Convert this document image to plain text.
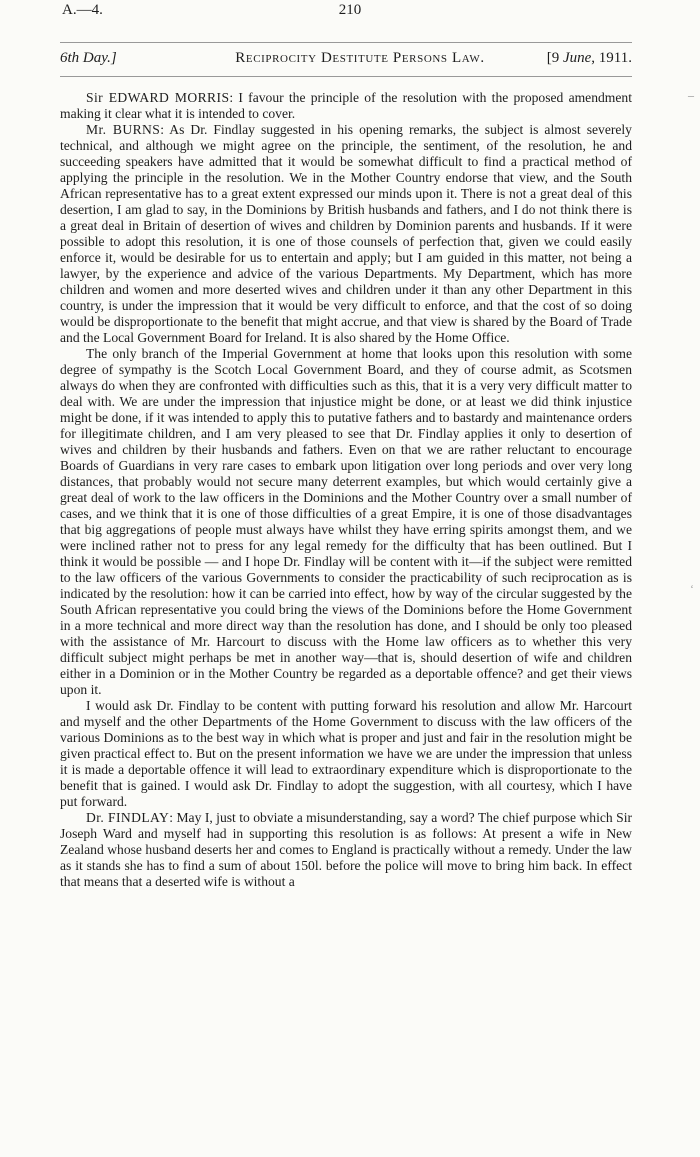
A.—4.	210
6th Day.]	Reciprocity Destitute Persons Law.	[9 June, 1911.

Sir EDWARD MORRIS: I favour the principle of the resolution with the proposed amendment making it clear what it is intended to cover.

Mr. BURNS: As Dr. Findlay suggested in his opening remarks, the subject is almost severely technical, and although we might agree on the principle, the sentiment, of the resolution, he and succeeding speakers have admitted that it would be somewhat difficult to find a practical method of applying the principle in the resolution. We in the Mother Country endorse that view, and the South African representative has to a great extent expressed our minds upon it. There is not a great deal of this desertion, I am glad to say, in the Dominions by British husbands and fathers, and I do not think there is a great deal in Britain of desertion of wives and children by Dominion parents and husbands. If it were possible to adopt this resolution, it is one of those counsels of perfection that, given we could easily enforce it, would be desirable for us to entertain and apply; but I am guided in this matter, not being a lawyer, by the experience and advice of the various Departments. My Department, which has more children and women and more deserted wives and children under it than any other Department in this country, is under the impression that it would be very difficult to enforce, and that the cost of so doing would be disproportionate to the benefit that might accrue, and that view is shared by the Board of Trade and the Local Government Board for Ireland. It is also shared by the Home Office.

The only branch of the Imperial Government at home that looks upon this resolution with some degree of sympathy is the Scotch Local Government Board, and they of course admit, as Scotsmen always do when they are confronted with difficulties such as this, that it is a very very difficult matter to deal with. We are under the impression that injustice might be done, or at least we did think injustice might be done, if it was intended to apply this to putative fathers and to bastardy and maintenance orders for illegitimate children, and I am very pleased to see that Dr. Findlay applies it only to desertion of wives and children by their husbands and fathers. Even on that we are rather reluctant to encourage Boards of Guardians in very rare cases to embark upon litigation over long periods and over very long distances, that probably would not secure many deterrent examples, but which would certainly give a great deal of work to the law officers in the Dominions and the Mother Country over a small number of cases, and we think that it is one of those difficulties of a great Empire, it is one of those disadvantages that big aggregations of people must always have whilst they have erring spirits amongst them, and we were inclined rather not to press for any legal remedy for the difficulty that has been outlined. But I think it would be possible — and I hope Dr. Findlay will be content with it—if the subject were remitted to the law officers of the various Governments to consider the practicability of such reciprocation as is indicated by the resolution: how it can be carried into effect, how by way of the circular suggested by the South African representative you could bring the views of the Dominions before the Home Government in a more technical and more direct way than the resolution has done, and I should be only too pleased with the assistance of Mr. Harcourt to discuss with the Home law officers as to whether this very difficult subject might perhaps be met in another way—that is, should desertion of wife and children either in a Dominion or in the Mother Country be regarded as a deportable offence? and get their views upon it.

I would ask Dr. Findlay to be content with putting forward his resolution and allow Mr. Harcourt and myself and the other Departments of the Home Government to discuss with the law officers of the various Dominions as to the best way in which what is proper and just and fair in the resolution might be given practical effect to. But on the present information we have we are under the impression that unless it is made a deportable offence it will lead to extraordinary expenditure which is disproportionate to the benefit that is gained. I would ask Dr. Findlay to adopt the suggestion, with all courtesy, which I have put forward.

Dr. FINDLAY: May I, just to obviate a misunderstanding, say a word? The chief purpose which Sir Joseph Ward and myself had in supporting this resolution is as follows: At present a wife in New Zealand whose husband deserts her and comes to England is practically without a remedy. Under the law as it stands she has to find a sum of about 150l. before the police will move to bring him back. In effect that means that a deserted wife is without a

–
‘
